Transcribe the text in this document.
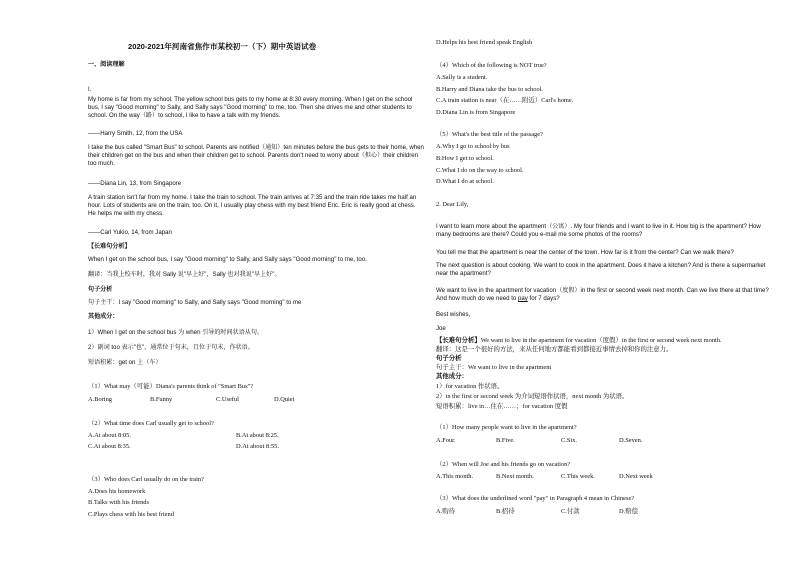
2020-2021年河南省焦作市某校初一（下）期中英语试卷
一、阅读理解
I.
My home is far from my school. The yellow school bus gets to my home at 8:30 every morning. When I get on the school bus, I say "Good morning" to Sally, and Sally says "Good morning" to me, too. Then she drives me and other students to school. On the way（路）to school, I like to have a talk with my friends.
——Harry Smith, 12, from the USA
I take the bus called "Smart Bus" to school. Parents are notified（通知）ten minutes before the bus gets to their home, when their children get on the bus and when their children get to school. Parents don't need to worry about（担心）their children too much.
——Diana Lin, 13, from Singapore
A train station isn't far from my home. I take the train to school. The train arrives at 7:35 and the train ride takes me half an hour. Lots of students are on the train, too. On it, I usually play chess with my best friend Eric. Eric is really good at chess. He helps me with my chess.
——Carl Yukio, 14, from Japan
【长难句分析】
When I get on the school bus, I say "Good morning" to Sally, and Sally says "Good morning" to me, too.
翻译：当我上校车时，我对 Sally 说"早上好"，Sally 也对我说"早上好"。
句子分析
句子主干：I say "Good morning" to Sally, and Sally says "Good morning" to me
其他成分：
1）When I get on the school bus 为 when 引导的时间状语从句。
2）副词 too 表示"也"，通常位于句末，且位于句末，作状语。
短语积累：get on 上（车）
（1）What may（可能）Diana's parents think of "Smart Bus"?
A.Boring	B.Funny	C.Useful	D.Quiet
（2）What time does Carl usually get to school?
A.At about 8:05.	B.At about 8:25.
C.At about 8:35.	D.At about 8:55.
（3）Who does Carl usually do on the train?
A.Does his homework
B.Talks with his friends
C.Plays chess with his best friend
D.Helps his best friend speak English
（4）Which of the following is NOT true?
A.Sally is a student.
B.Harry and Diana take the bus to school.
C.A train station is near（在……附近）Carl's home.
D.Diana Lin is from Singapore
（5）What's the best title of the passage?
A.Why I go to school by bus
B.How I get to school.
C.What I do on the way to school.
D.What I do at school.
2. Dear Lily,
I want to learn more about the apartment（公寓）. My four friends and I want to live in it. How big is the apartment? How many bedrooms are there? Could you e-mail me some photos of the rooms?
You tell me that the apartment is near the center of the town. How far is it from the center? Can we walk there?
The next question is about cooking. We want to cook in the apartment. Does it have a kitchen? And is there a supermarket near the apartment?
We want to live in the apartment for vacation（度假）in the first or second week next month. Can we live there at that time? And how much do we need to pay for 7 days?
Best wishes,
Joe
【长难句分析】We want to live in the apartment for vacation（度假）in the first or second week next month.
翻译：这是一个很好的方法，来从任何地方都能看到都接近事情去掉和你的注意力。
句子分析
句子主干：We want to live in the apartment
其他成分：
1）for vacation 作状语。
2）in the first or second week 为介词短语作状语，next month 为状语。
短语积累：live in…住在……；for vacation 度假
（1）How many people want to live in the apartment?
A.Four.	B.Five.	C.Six.	D.Seven.
（2）When will Joe and his friends go on vacation?
A.This month.	B.Next month.	C.This week.	D.Next week
（3）What does the underlined word "pay" in Paragraph 4 mean in Chinese?
A.购待	B.招待	C.付款	D.赔偿
